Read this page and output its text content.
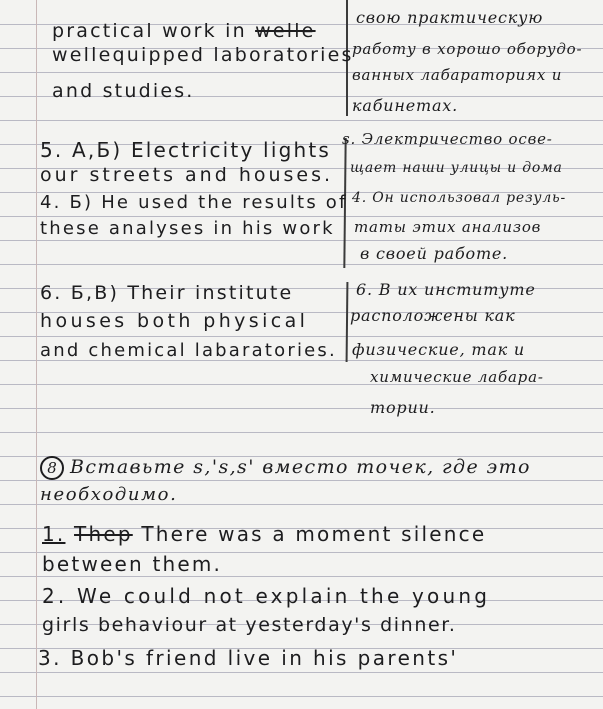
practical work in welle
wellequipped laboratories
and studies.
5. А,Б) Electricity lights
our streets and houses.
4. Б) He used the results of
these analyses in his work
6. Б,В) Their institute
houses both physical
and chemical labaratories.
свою практическую
работу в хорошо оборудо-
ванных лабараториях и
кабинетах.
s. Электричество осве-
щает наши улицы и дома
4. Он использовал резуль-
таты этих анализов
в своей работе.
6. В их институте
расположены как
физические, так и
химические лабара-
тории.
8 Вставьте s,'s,s' вместо точек, где это
необходимо.
1. Thep There was a moment silence
between them.
2. We could not explain the young
girls behaviour at yesterday's dinner.
3. Bob's friend live in his parents'
